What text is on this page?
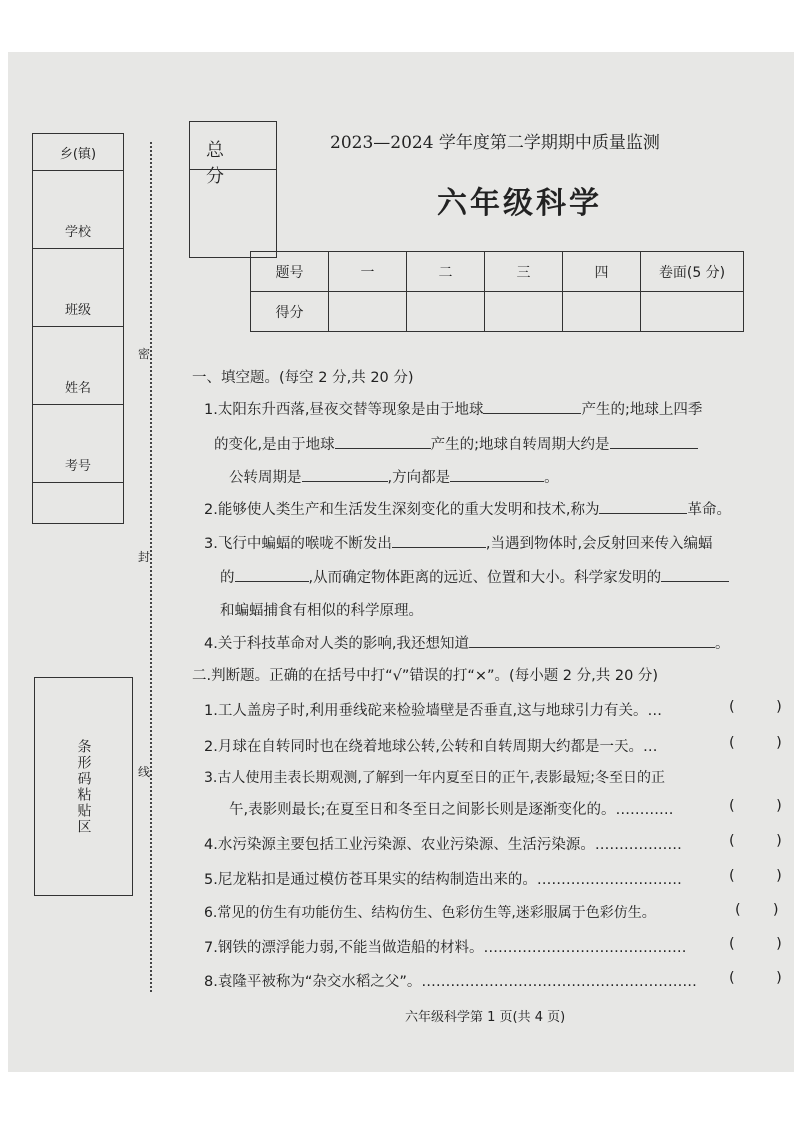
乡(镇)
学校
班级
姓名
考号
密
封
线
条形码粘贴区
总 分
2023—2024 学年度第二学期期中质量监测
六年级科学
题号	一	二	三	四	卷面(5 分)
得分					
一、填空题。(每空 2 分,共 20 分)
1.太阳东升西落,昼夜交替等现象是由于地球	产生的;地球上四季
的变化,是由于地球	产生的;地球自转周期大约是
公转周期是	,方向都是	。
2.能够使人类生产和生活发生深刻变化的重大发明和技术,称为	革命。
3.飞行中蝙蝠的喉咙不断发出	,当遇到物体时,会反射回来传入编蝠
的	,从而确定物体距离的远近、位置和大小。科学家发明的
和蝙蝠捕食有相似的科学原理。
4.关于科技革命对人类的影响,我还想知道	。
二.判断题。正确的在括号中打“√”错误的打“×”。(每小题 2 分,共 20 分)
1.工人盖房子时,利用垂线砣来检验墙壁是否垂直,这与地球引力有关。…	(         )
2.月球在自转同时也在绕着地球公转,公转和自转周期大约都是一天。…	(         )
3.古人使用圭表长期观测,了解到一年内夏至日的正午,表影最短;冬至日的正
午,表影则最长;在夏至日和冬至日之间影长则是逐渐变化的。…………	(         )
4.水污染源主要包括工业污染源、农业污染源、生活污染源。………………	(         )
5.尼龙粘扣是通过模仿苍耳果实的结构制造出来的。…………………………	(         )
6.常见的仿生有功能仿生、结构仿生、色彩仿生等,迷彩服属于色彩仿生。	(       )
7.钢铁的漂浮能力弱,不能当做造船的材料。……………………………………	(         )
8.袁隆平被称为“杂交水稻之父”。………………………………………………… (         )
六年级科学第 1 页(共 4 页)
